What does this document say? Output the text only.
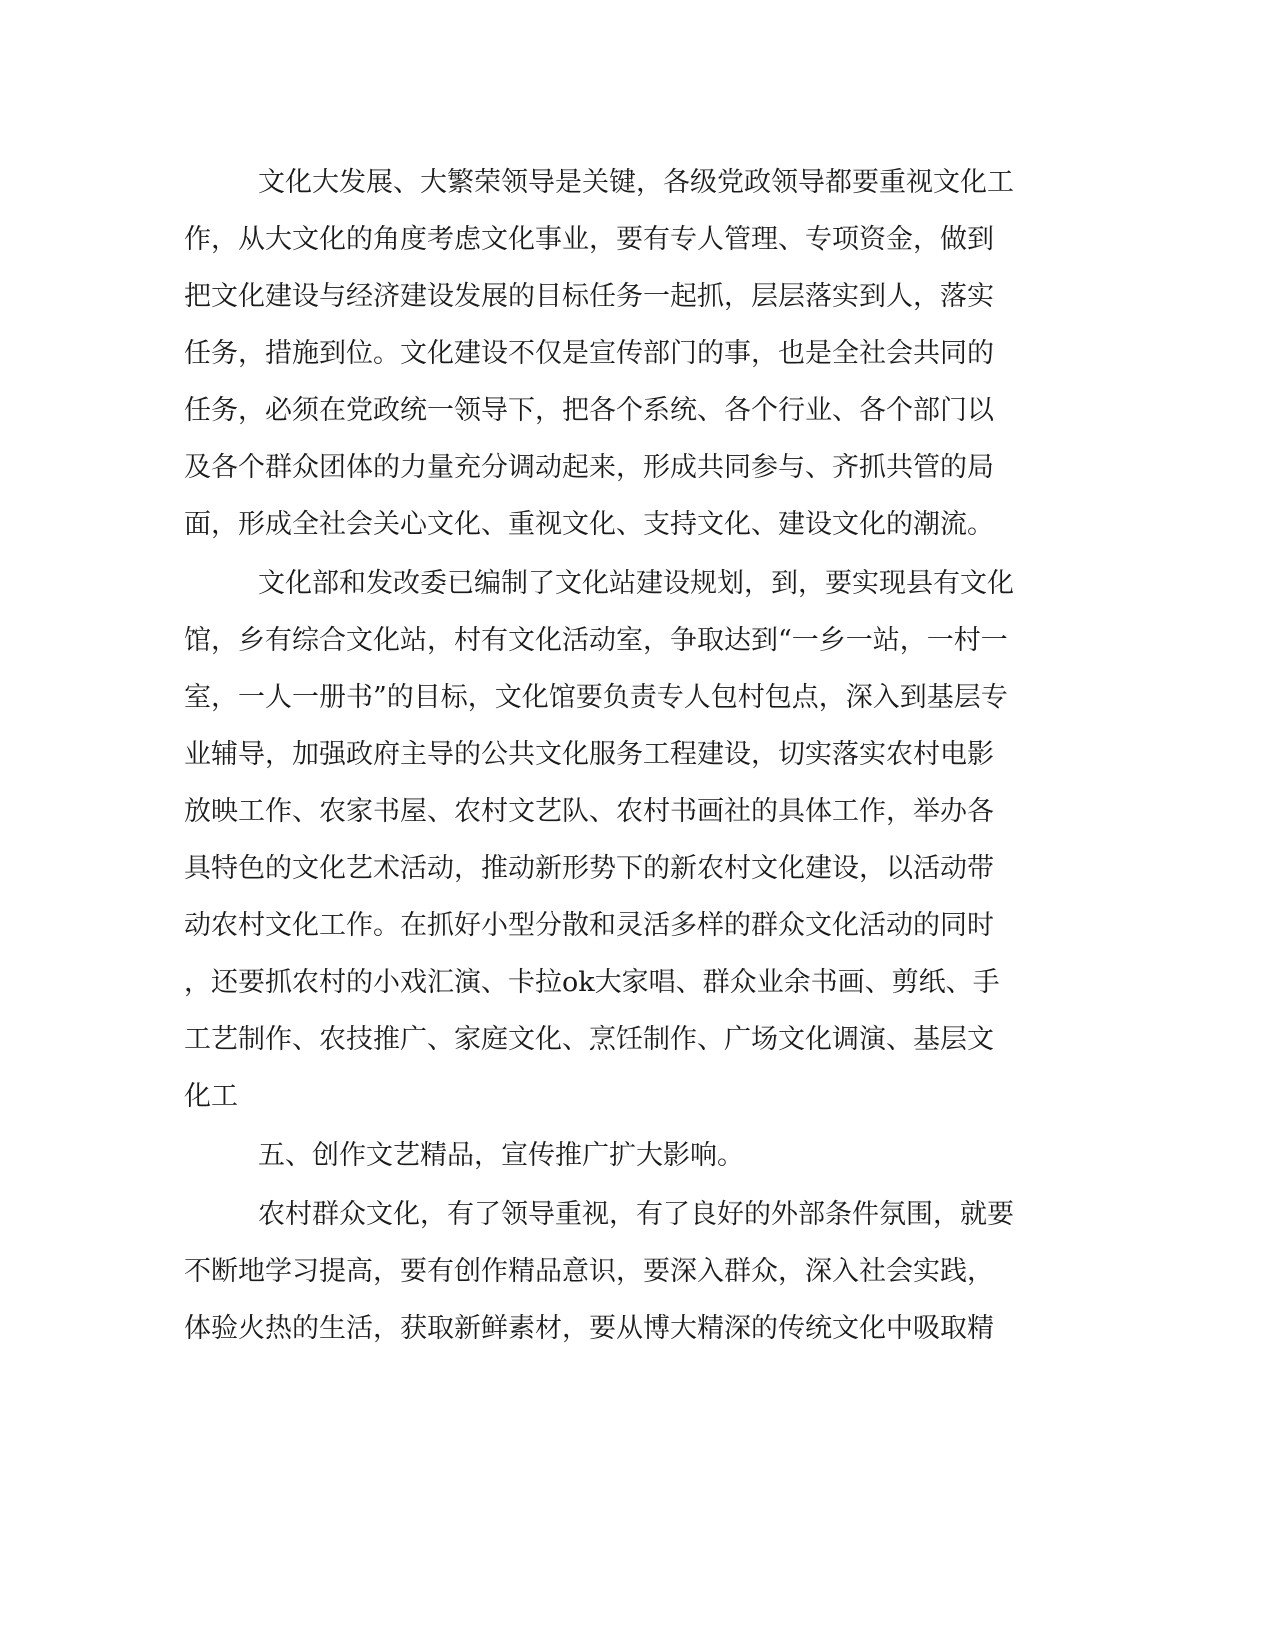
文化大发展、大繁荣领导是关键，各级党政领导都要重视文化工
作，从大文化的角度考虑文化事业，要有专人管理、专项资金，做到
把文化建设与经济建设发展的目标任务一起抓，层层落实到人，落实
任务，措施到位。文化建设不仅是宣传部门的事，也是全社会共同的
任务，必须在党政统一领导下，把各个系统、各个行业、各个部门以
及各个群众团体的力量充分调动起来，形成共同参与、齐抓共管的局
面，形成全社会关心文化、重视文化、支持文化、建设文化的潮流。
文化部和发改委已编制了文化站建设规划，到，要实现县有文化
馆，乡有综合文化站，村有文化活动室，争取达到“一乡一站，一村一
室，一人一册书”的目标，文化馆要负责专人包村包点，深入到基层专
业辅导，加强政府主导的公共文化服务工程建设，切实落实农村电影
放映工作、农家书屋、农村文艺队、农村书画社的具体工作，举办各
具特色的文化艺术活动，推动新形势下的新农村文化建设，以活动带
动农村文化工作。在抓好小型分散和灵活多样的群众文化活动的同时
，还要抓农村的小戏汇演、卡拉ok大家唱、群众业余书画、剪纸、手
工艺制作、农技推广、家庭文化、烹饪制作、广场文化调演、基层文
化工
五、创作文艺精品，宣传推广扩大影响。
农村群众文化，有了领导重视，有了良好的外部条件氛围，就要
不断地学习提高，要有创作精品意识，要深入群众，深入社会实践，
体验火热的生活，获取新鲜素材，要从博大精深的传统文化中吸取精
